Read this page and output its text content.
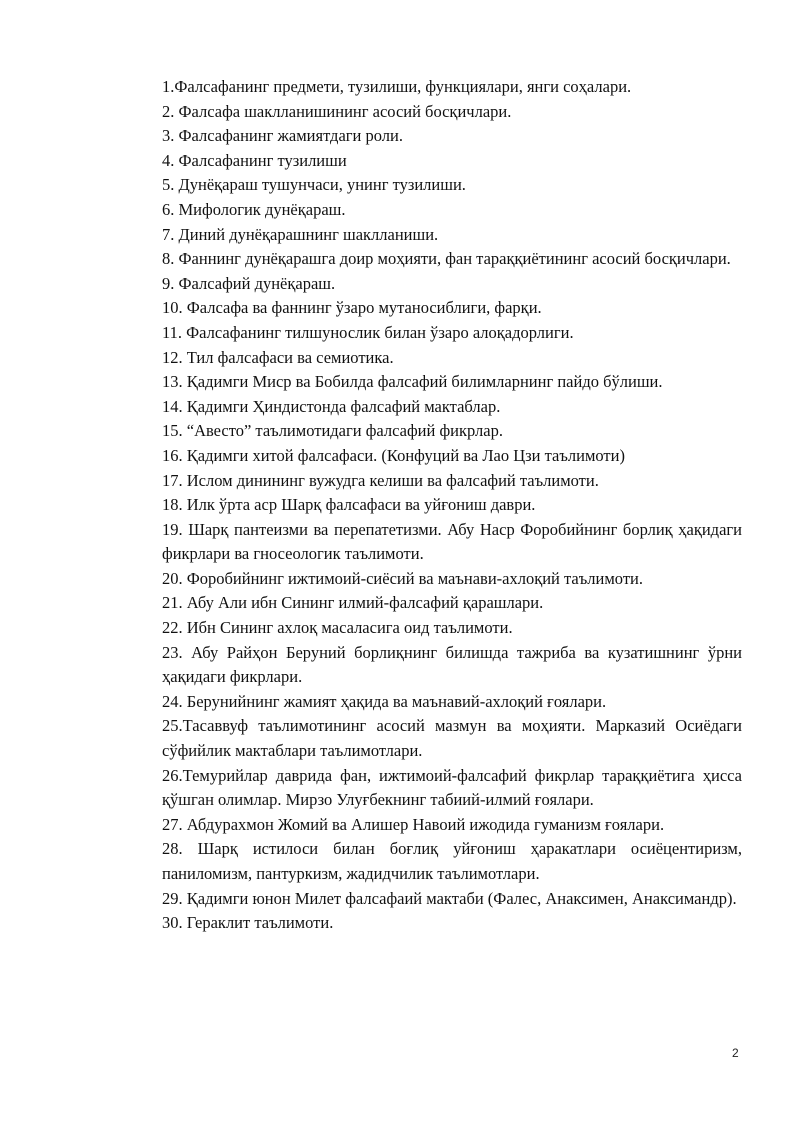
1.Фалсафанинг предмети, тузилиши, функциялари, янги соҳалари.

2. Фалсафа шаклланишининг асосий босқичлари.

3. Фалсафанинг жамиятдаги роли.

4. Фалсафанинг тузилиши

5. Дунёқараш тушунчаси, унинг тузилиши.

6. Мифологик дунёқараш.

7. Диний дунёқарашнинг шаклланиши.

8. Фаннинг дунёқарашга доир моҳияти, фан тараққиётининг асосий босқичлари.

9. Фалсафий дунёқараш.

10. Фалсафа ва фаннинг ўзаро мутаносиблиги, фарқи.

11. Фалсафанинг тилшунослик билан ўзаро алоқадорлиги.

12. Тил фалсафаси ва семиотика.

13. Қадимги Миср ва Бобилда фалсафий билимларнинг пайдо бўлиши.

14. Қадимги Ҳиндистонда фалсафий мактаблар.

15. “Авесто” таълимотидаги фалсафий фикрлар.

16. Қадимги хитой фалсафаси. (Конфуций ва Лао Цзи таълимоти)

17. Ислом динининг вужудга келиши ва фалсафий таълимоти.

18. Илк ўрта аср Шарқ фалсафаси ва уйғониш даври.

19. Шарқ пантеизми ва перепатетизми. Абу Наср Форобийнинг борлиқ ҳақидаги фикрлари ва гносеологик таълимоти.

20. Форобийнинг ижтимоий-сиёсий ва маънави-ахлоқий таълимоти.

21. Абу Али ибн Сининг илмий-фалсафий қарашлари.

22. Ибн Сининг ахлоқ масаласига оид таълимоти.

23. Абу Райҳон Беруний борлиқнинг билишда тажриба ва кузатишнинг ўрни ҳақидаги фикрлари.

24. Берунийнинг жамият ҳақида ва маънавий-ахлоқий ғоялари.

25.Тасаввуф таълимотининг асосий мазмун ва моҳияти. Марказий Осиёдаги сўфийлик мактаблари таълимотлари.

26.Темурийлар даврида фан, ижтимоий-фалсафий фикрлар тараққиётига ҳисса қўшган олимлар. Мирзо Улуғбекнинг табиий-илмий ғоялари.

27. Абдурахмон Жомий ва Алишер Навоий ижодида гуманизм ғоялари.

28. Шарқ истилоси билан боғлиқ уйғониш ҳаракатлари осиёцентиризм, паниломизм, пантуркизм, жадидчилик таълимотлари.

29. Қадимги юнон Милет фалсафаий мактаби (Фалес, Анаксимен, Анаксимандр).

30. Гераклит таълимоти.

2
